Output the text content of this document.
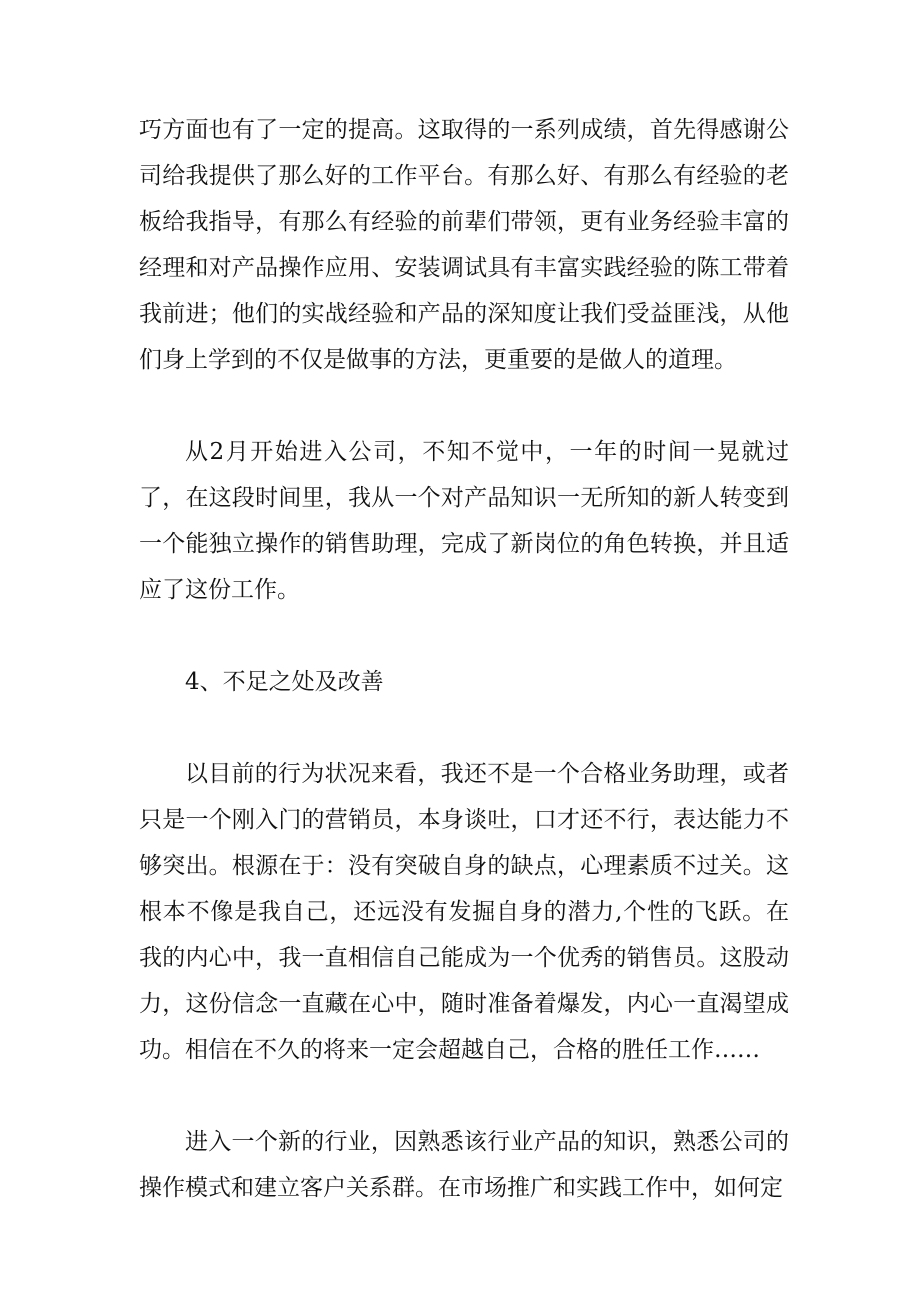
巧方面也有了一定的提高。这取得的一系列成绩，首先得感谢公司给我提供了那么好的工作平台。有那么好、有那么有经验的老板给我指导，有那么有经验的前辈们带领，更有业务经验丰富的经理和对产品操作应用、安装调试具有丰富实践经验的陈工带着我前进；他们的实战经验和产品的深知度让我们受益匪浅，从他们身上学到的不仅是做事的方法，更重要的是做人的道理。

从2月开始进入公司，不知不觉中，一年的时间一晃就过了，在这段时间里，我从一个对产品知识一无所知的新人转变到一个能独立操作的销售助理，完成了新岗位的角色转换，并且适应了这份工作。

4、不足之处及改善

以目前的行为状况来看，我还不是一个合格业务助理，或者只是一个刚入门的营销员，本身谈吐，口才还不行，表达能力不够突出。根源在于：没有突破自身的缺点，心理素质不过关。这根本不像是我自己，还远没有发掘自身的潜力,个性的飞跃。在我的内心中，我一直相信自己能成为一个优秀的销售员。这股动力，这份信念一直藏在心中，随时准备着爆发，内心一直渴望成功。相信在不久的将来一定会超越自己，合格的胜任工作……

进入一个新的行业，因熟悉该行业产品的知识，熟悉公司的操作模式和建立客户关系群。在市场推广和实践工作中，如何定
